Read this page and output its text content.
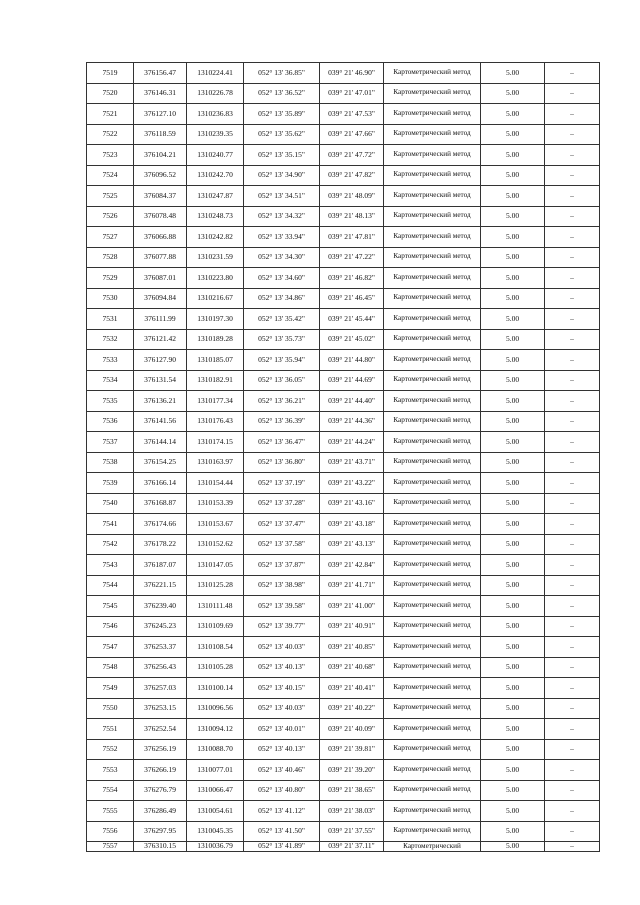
7519	376156.47	1310224.41	052° 13' 36.85"	039° 21' 46.90"	Картометрический метод	5.00	–
7520	376146.31	1310226.78	052° 13' 36.52"	039° 21' 47.01"	Картометрический метод	5.00	–
7521	376127.10	1310236.83	052° 13' 35.89"	039° 21' 47.53"	Картометрический метод	5.00	–
7522	376118.59	1310239.35	052° 13' 35.62"	039° 21' 47.66"	Картометрический метод	5.00	–
7523	376104.21	1310240.77	052° 13' 35.15"	039° 21' 47.72"	Картометрический метод	5.00	–
7524	376096.52	1310242.70	052° 13' 34.90"	039° 21' 47.82"	Картометрический метод	5.00	–
7525	376084.37	1310247.87	052° 13' 34.51"	039° 21' 48.09"	Картометрический метод	5.00	–
7526	376078.48	1310248.73	052° 13' 34.32"	039° 21' 48.13"	Картометрический метод	5.00	–
7527	376066.88	1310242.82	052° 13' 33.94"	039° 21' 47.81"	Картометрический метод	5.00	–
7528	376077.88	1310231.59	052° 13' 34.30"	039° 21' 47.22"	Картометрический метод	5.00	–
7529	376087.01	1310223.80	052° 13' 34.60"	039° 21' 46.82"	Картометрический метод	5.00	–
7530	376094.84	1310216.67	052° 13' 34.86"	039° 21' 46.45"	Картометрический метод	5.00	–
7531	376111.99	1310197.30	052° 13' 35.42"	039° 21' 45.44"	Картометрический метод	5.00	–
7532	376121.42	1310189.28	052° 13' 35.73"	039° 21' 45.02"	Картометрический метод	5.00	–
7533	376127.90	1310185.07	052° 13' 35.94"	039° 21' 44.80"	Картометрический метод	5.00	–
7534	376131.54	1310182.91	052° 13' 36.05"	039° 21' 44.69"	Картометрический метод	5.00	–
7535	376136.21	1310177.34	052° 13' 36.21"	039° 21' 44.40"	Картометрический метод	5.00	–
7536	376141.56	1310176.43	052° 13' 36.39"	039° 21' 44.36"	Картометрический метод	5.00	–
7537	376144.14	1310174.15	052° 13' 36.47"	039° 21' 44.24"	Картометрический метод	5.00	–
7538	376154.25	1310163.97	052° 13' 36.80"	039° 21' 43.71"	Картометрический метод	5.00	–
7539	376166.14	1310154.44	052° 13' 37.19"	039° 21' 43.22"	Картометрический метод	5.00	–
7540	376168.87	1310153.39	052° 13' 37.28"	039° 21' 43.16"	Картометрический метод	5.00	–
7541	376174.66	1310153.67	052° 13' 37.47"	039° 21' 43.18"	Картометрический метод	5.00	–
7542	376178.22	1310152.62	052° 13' 37.58"	039° 21' 43.13"	Картометрический метод	5.00	–
7543	376187.07	1310147.05	052° 13' 37.87"	039° 21' 42.84"	Картометрический метод	5.00	–
7544	376221.15	1310125.28	052° 13' 38.98"	039° 21' 41.71"	Картометрический метод	5.00	–
7545	376239.40	1310111.48	052° 13' 39.58"	039° 21' 41.00"	Картометрический метод	5.00	–
7546	376245.23	1310109.69	052° 13' 39.77"	039° 21' 40.91"	Картометрический метод	5.00	–
7547	376253.37	1310108.54	052° 13' 40.03"	039° 21' 40.85"	Картометрический метод	5.00	–
7548	376256.43	1310105.28	052° 13' 40.13"	039° 21' 40.68"	Картометрический метод	5.00	–
7549	376257.03	1310100.14	052° 13' 40.15"	039° 21' 40.41"	Картометрический метод	5.00	–
7550	376253.15	1310096.56	052° 13' 40.03"	039° 21' 40.22"	Картометрический метод	5.00	–
7551	376252.54	1310094.12	052° 13' 40.01"	039° 21' 40.09"	Картометрический метод	5.00	–
7552	376256.19	1310088.70	052° 13' 40.13"	039° 21' 39.81"	Картометрический метод	5.00	–
7553	376266.19	1310077.01	052° 13' 40.46"	039° 21' 39.20"	Картометрический метод	5.00	–
7554	376276.79	1310066.47	052° 13' 40.80"	039° 21' 38.65"	Картометрический метод	5.00	–
7555	376286.49	1310054.61	052° 13' 41.12"	039° 21' 38.03"	Картометрический метод	5.00	–
7556	376297.95	1310045.35	052° 13' 41.50"	039° 21' 37.55"	Картометрический метод	5.00	–
7557	376310.15	1310036.79	052° 13' 41.89"	039° 21' 37.11"	Картометрический	5.00	–
